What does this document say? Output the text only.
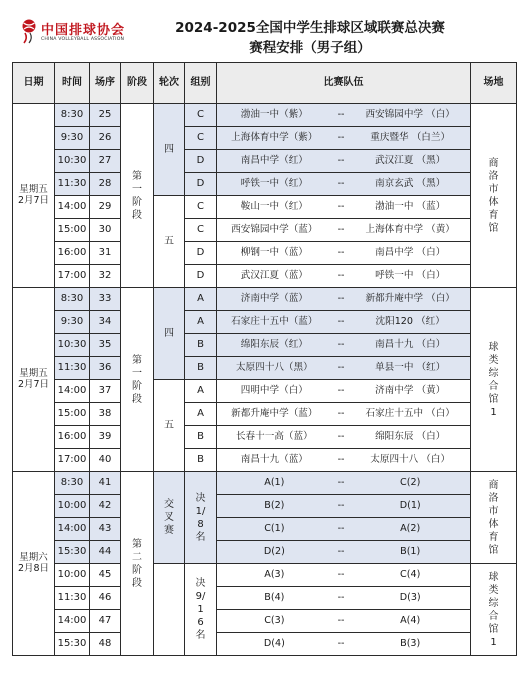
中国排球协会
CHINA VOLLEYBALL ASSOCIATION
2024-2025全国中学生排球区域联赛总决赛
赛程安排（男子组）
日期	时间	场序	阶段	轮次	组别	比赛队伍	场地
星期五
2月7日	8:30	25	第一阶段	四	C	渤油一中（紫） -- 西安锦园中学 （白）	商洛市体育馆
	9:30	26			C	上海体育中学（紫） -- 重庆暨华 （白兰）	

	10:30	27			D	南昌中学（红） -- 武汉江夏 （黑）	

	11:30	28			D	呼铁一中（红） -- 南京玄武 （黑）	

	14:00	29		五	C	鞍山一中（红） -- 渤油一中 （蓝）	

	15:00	30			C	西安锦园中学（蓝） -- 上海体育中学 （黄）	

	16:00	31			D	柳钢一中（蓝） -- 南昌中学 （白）	

	17:00	32			D	武汉江夏（蓝） -- 呼铁一中 （白）	

星期五
2月7日	8:30	33	第一阶段	四	A	济南中学（蓝） -- 新都升庵中学 （白）	球类综合馆1
	9:30	34			A	石家庄十五中（蓝） -- 沈阳120 （红）	

	10:30	35			B	绵阳东辰（红） -- 南昌十九 （白）	

	11:30	36			B	太原四十八（黑） -- 单县一中 （红）	

	14:00	37		五	A	四明中学（白） -- 济南中学 （黄）	

	15:00	38			A	新都升庵中学（蓝） -- 石家庄十五中 （白）	

	16:00	39			B	长春十一高（蓝） -- 绵阳东辰 （白）	

	17:00	40			B	南昌十九（蓝） -- 太原四十八 （白）	

星期六
2月8日	8:30	41	第二阶段	交叉赛	决1/8名	A(1) -- C(2)	商洛市体育馆
	10:00	42				B(2) -- D(1)	

	14:00	43				C(1) -- A(2)	

	15:30	44				D(2) -- B(1)	

	10:00	45			决9/16名	A(3) -- C(4)	球类综合馆1
	11:30	46				B(4) -- D(3)	

	14:00	47				C(3) -- A(4)	

	15:30	48				D(4) -- B(3)	
